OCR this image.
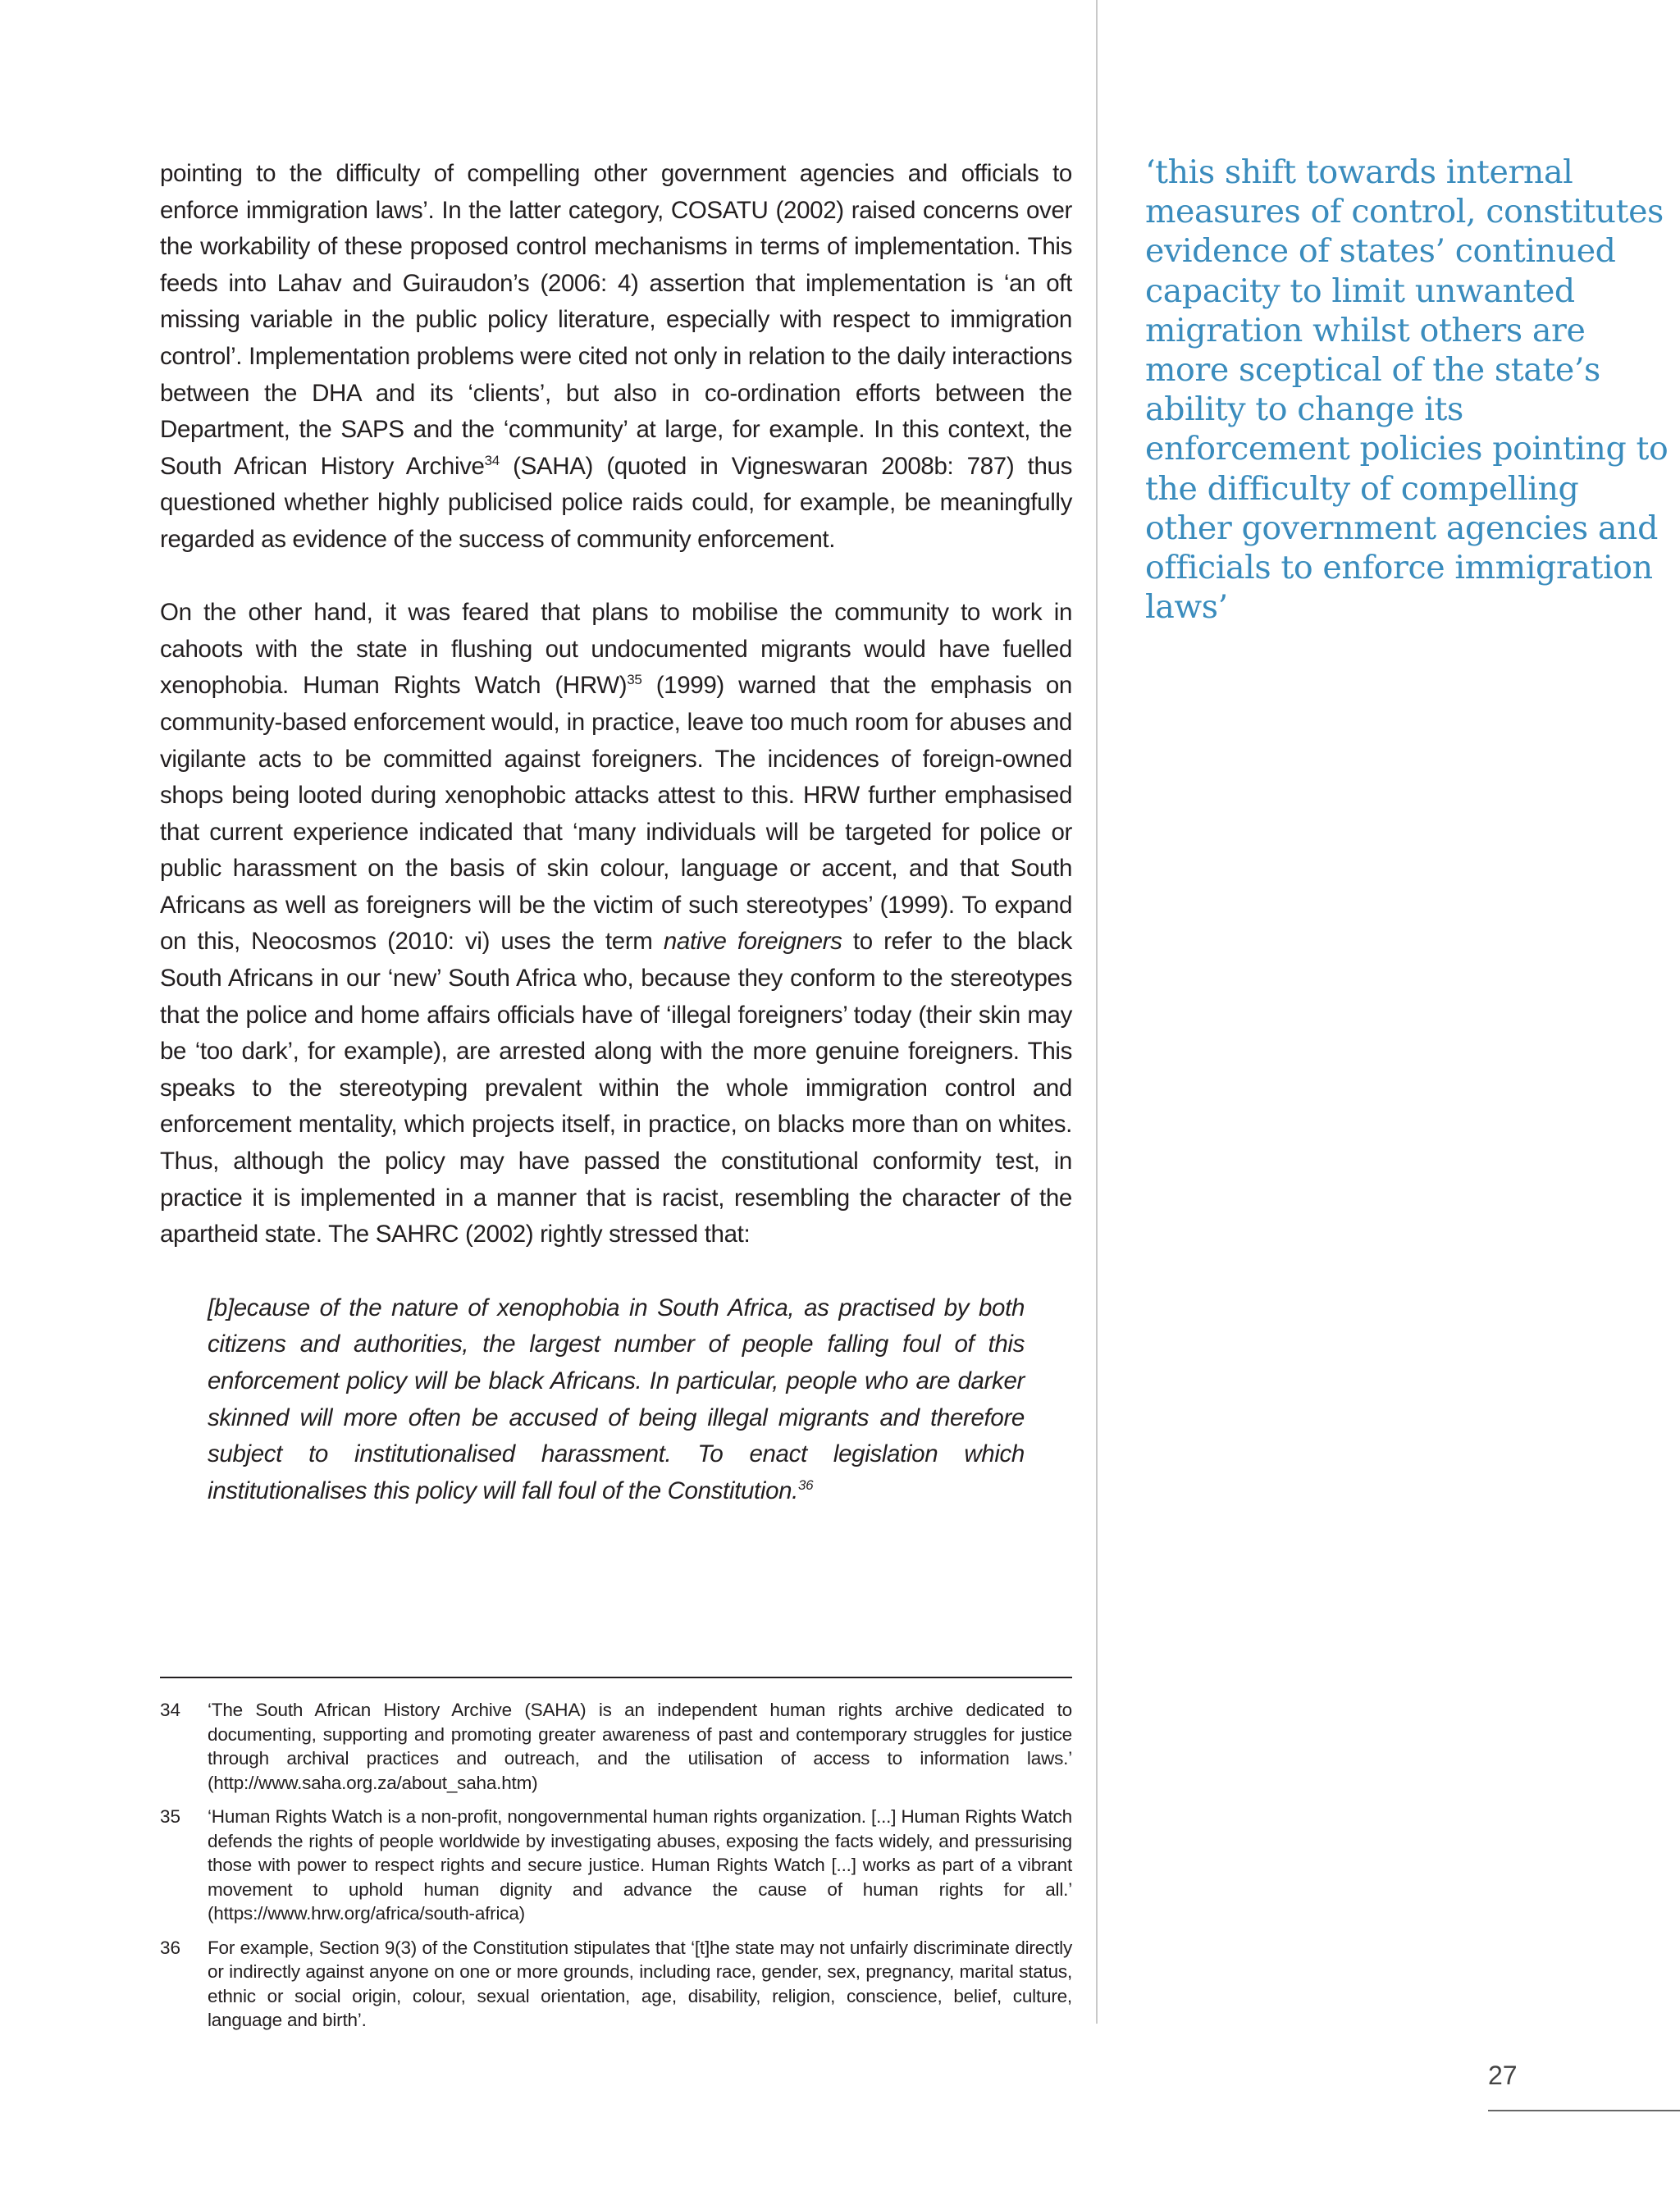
pointing to the difficulty of compelling other government agencies and officials to enforce immigration laws’. In the latter category, COSATU (2002) raised concerns over the workability of these proposed control mechanisms in terms of implementation. This feeds into Lahav and Guiraudon’s (2006: 4) assertion that implementation is ‘an oft missing variable in the public policy literature, especially with respect to immigration control’. Implementation problems were cited not only in relation to the daily interactions between the DHA and its ‘clients’, but also in co-ordination efforts between the Department, the SAPS and the ‘community’ at large, for example. In this context, the South African History Archive$^{34}$ (SAHA) (quoted in Vigneswaran 2008b: 787) thus questioned whether highly publicised police raids could, for example, be meaningfully regarded as evidence of the success of community enforcement.

On the other hand, it was feared that plans to mobilise the community to work in cahoots with the state in flushing out undocumented migrants would have fuelled xenophobia. Human Rights Watch (HRW)$^{35}$ (1999) warned that the emphasis on community-based enforcement would, in practice, leave too much room for abuses and vigilante acts to be committed against foreigners. The incidences of foreign-owned shops being looted during xenophobic attacks attest to this. HRW further emphasised that current experience indicated that ‘many individuals will be targeted for police or public harassment on the basis of skin colour, language or accent, and that South Africans as well as foreigners will be the victim of such stereotypes’ (1999). To expand on this, Neocosmos (2010: vi) uses the term native foreigners to refer to the black South Africans in our ‘new’ South Africa who, because they conform to the stereotypes that the police and home affairs officials have of ‘illegal foreigners’ today (their skin may be ‘too dark’, for example), are arrested along with the more genuine foreigners. This speaks to the stereotyping prevalent within the whole immigration control and enforcement mentality, which projects itself, in practice, on blacks more than on whites. Thus, although the policy may have passed the constitutional conformity test, in practice it is implemented in a manner that is racist, resembling the character of the apartheid state. The SAHRC (2002) rightly stressed that:

[b]ecause of the nature of xenophobia in South Africa, as practised by both citizens and authorities, the largest number of people falling foul of this enforcement policy will be black Africans. In particular, people who are darker skinned will more often be accused of being illegal migrants and therefore subject to institutionalised harassment. To enact legislation which institutionalises this policy will fall foul of the Constitution.$^{36}$

‘this shift towards internal measures of control, constitutes evidence of states’ continued capacity to limit unwanted migration whilst others are more sceptical of the state’s ability to change its enforcement policies pointing to the difficulty of compelling other government agencies and officials to enforce immigration laws’

34	‘The South African History Archive (SAHA) is an independent human rights archive dedicated to documenting, supporting and promoting greater awareness of past and contemporary struggles for justice through archival practices and outreach, and the utilisation of access to information laws.’ (http://www.saha.org.za/about_saha.htm)
35	‘Human Rights Watch is a non-profit, nongovernmental human rights organization. [...] Human Rights Watch defends the rights of people worldwide by investigating abuses, exposing the facts widely, and pressurising those with power to respect rights and secure justice. Human Rights Watch [...] works as part of a vibrant movement to uphold human dignity and advance the cause of human rights for all.’ (https://www.hrw.org/africa/south-africa)
36	For example, Section 9(3) of the Constitution stipulates that ‘[t]he state may not unfairly discriminate directly or indirectly against anyone on one or more grounds, including race, gender, sex, pregnancy, marital status, ethnic or social origin, colour, sexual orientation, age, disability, religion, conscience, belief, culture, language and birth’.
27
